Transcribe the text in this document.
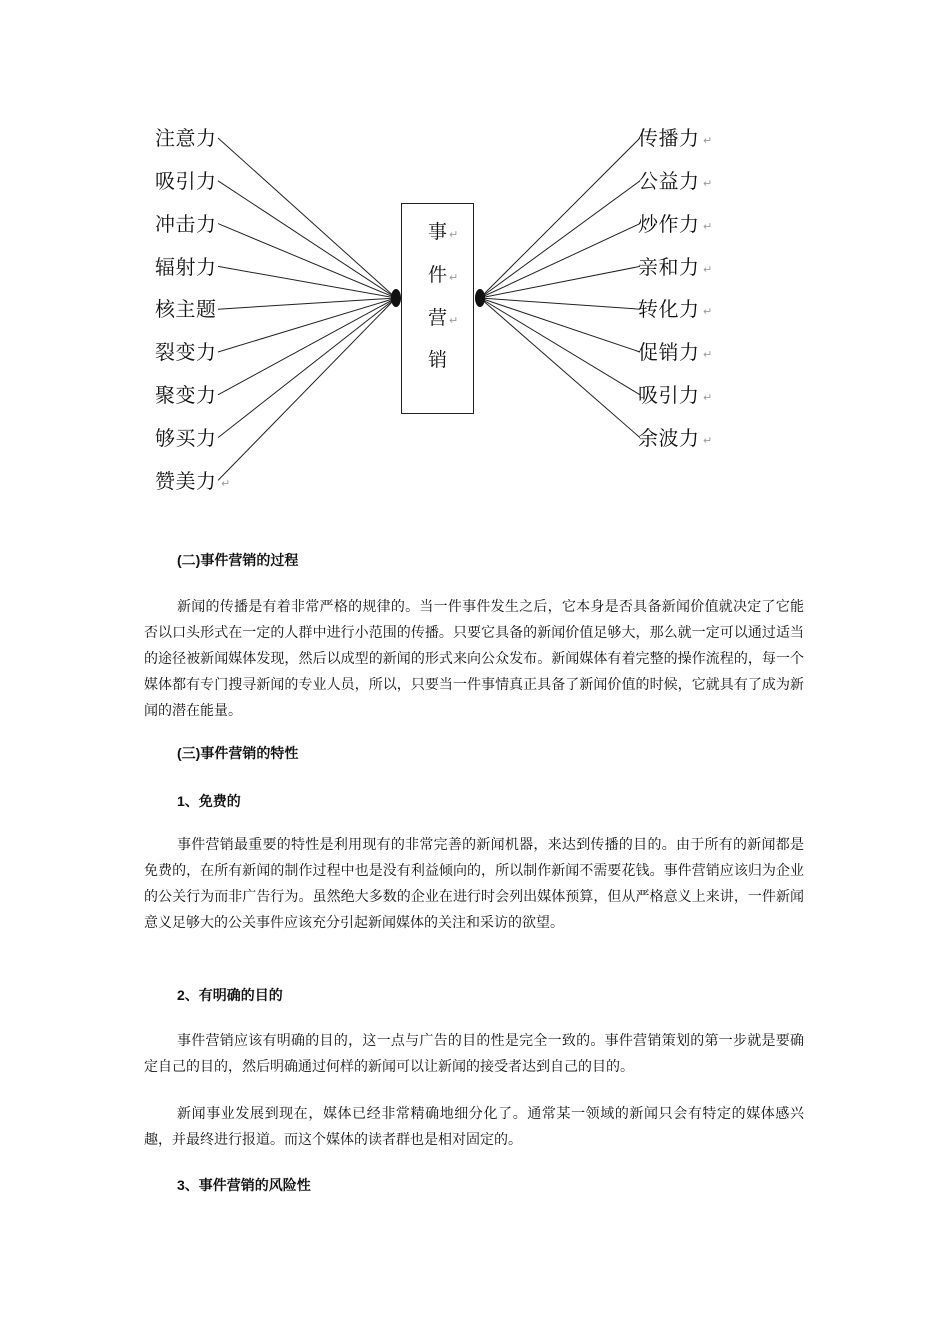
事
件
营
销
↵
↵
↵
注意力
吸引力
冲击力
辐射力
核主题
裂变力
聚变力
够买力
赞美力 ↵
传播力
公益力
炒作力
亲和力
转化力
促销力
吸引力
余波力
↵
↵
↵
↵
↵
↵
↵
↵
(二)事件营销的过程

新闻的传播是有着非常严格的规律的。当一件事件发生之后，它本身是否具备新闻价值就决定了它能否以口头形式在一定的人群中进行小范围的传播。只要它具备的新闻价值足够大，那么就一定可以通过适当的途径被新闻媒体发现，然后以成型的新闻的形式来向公众发布。新闻媒体有着完整的操作流程的，每一个媒体都有专门搜寻新闻的专业人员，所以，只要当一件事情真正具备了新闻价值的时候，它就具有了成为新闻的潜在能量。

(三)事件营销的特性
1、免费的

事件营销最重要的特性是利用现有的非常完善的新闻机器，来达到传播的目的。由于所有的新闻都是免费的，在所有新闻的制作过程中也是没有利益倾向的，所以制作新闻不需要花钱。事件营销应该归为企业的公关行为而非广告行为。虽然绝大多数的企业在进行时会列出媒体预算，但从严格意义上来讲，一件新闻意义足够大的公关事件应该充分引起新闻媒体的关注和采访的欲望。

2、有明确的目的

事件营销应该有明确的目的，这一点与广告的目的性是完全一致的。事件营销策划的第一步就是要确定自己的目的，然后明确通过何样的新闻可以让新闻的接受者达到自己的目的。

新闻事业发展到现在，媒体已经非常精确地细分化了。通常某一领域的新闻只会有特定的媒体感兴趣，并最终进行报道。而这个媒体的读者群也是相对固定的。

3、事件营销的风险性
